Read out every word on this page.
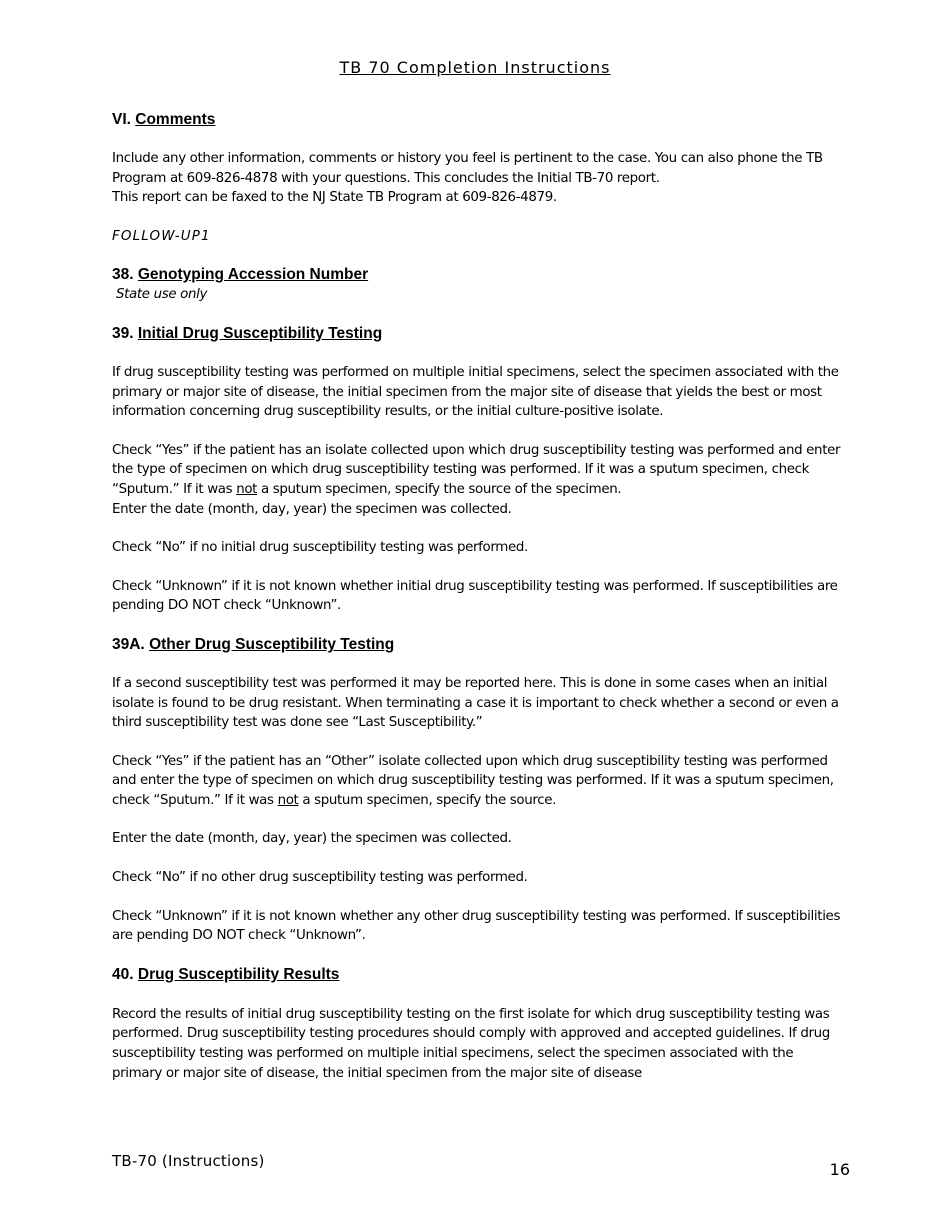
TB 70 Completion Instructions

VI. Comments

Include any other information, comments or history you feel is pertinent to the case. You can also phone the TB Program at 609-826-4878 with your questions. This concludes the Initial TB-70 report.

This report can be faxed to the NJ State TB Program at 609-826-4879.

FOLLOW-UP1

38. Genotyping Accession Number

State use only

39. Initial Drug Susceptibility Testing

If drug susceptibility testing was performed on multiple initial specimens, select the specimen associated with the primary or major site of disease, the initial specimen from the major site of disease that yields the best or most information concerning drug susceptibility results, or the initial culture-positive isolate.

Check “Yes” if the patient has an isolate collected upon which drug susceptibility testing was performed and enter the type of specimen on which drug susceptibility testing was performed. If it was a sputum specimen, check “Sputum.” If it was not a sputum specimen, specify the source of the specimen.

Enter the date (month, day, year) the specimen was collected.

Check “No” if no initial drug susceptibility testing was performed.

Check “Unknown” if it is not known whether initial drug susceptibility testing was performed. If susceptibilities are pending DO NOT check “Unknown”.

39A. Other Drug Susceptibility Testing

If a second susceptibility test was performed it may be reported here. This is done in some cases when an initial isolate is found to be drug resistant. When terminating a case it is important to check whether a second or even a third susceptibility test was done see “Last Susceptibility.”

Check “Yes” if the patient has an “Other” isolate collected upon which drug susceptibility testing was performed and enter the type of specimen on which drug susceptibility testing was performed. If it was a sputum specimen, check “Sputum.” If it was not a sputum specimen, specify the source.

Enter the date (month, day, year) the specimen was collected.

Check “No” if no other drug susceptibility testing was performed.

Check “Unknown” if it is not known whether any other drug susceptibility testing was performed. If susceptibilities are pending DO NOT check “Unknown”.

40. Drug Susceptibility Results

Record the results of initial drug susceptibility testing on the first isolate for which drug susceptibility testing was performed. Drug susceptibility testing procedures should comply with approved and accepted guidelines. If drug susceptibility testing was performed on multiple initial specimens, select the specimen associated with the primary or major site of disease, the initial specimen from the major site of disease

TB-70 (Instructions)	16
